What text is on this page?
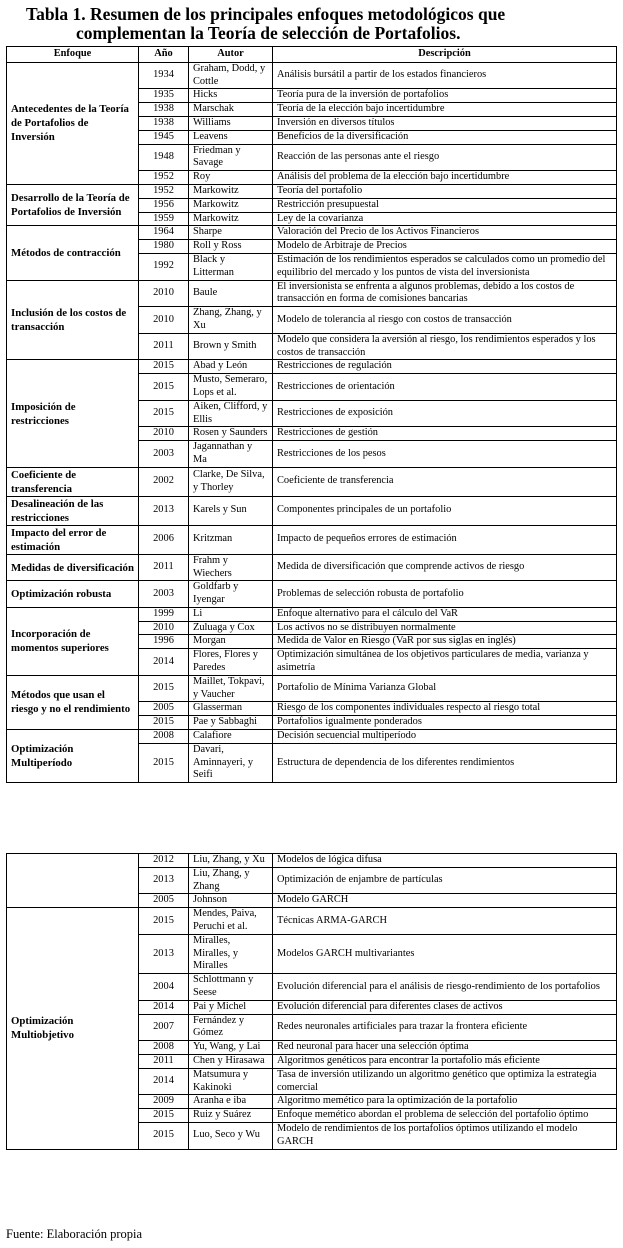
Tabla 1. Resumen de los principales enfoques metodológicos que
complementan la Teoría de selección de Portafolios.
Enfoque	Año	Autor	Descripción
Antecedentes de la Teoría de Portafolios de Inversión	1934	Graham, Dodd, y Cottle	Análisis bursátil a partir de los estados financieros
	1935	Hicks	Teoría pura de la inversión de portafolios
	1938	Marschak	Teoría de la elección bajo incertidumbre
	1938	Williams	Inversión en diversos títulos
	1945	Leavens	Beneficios de la diversificación
	1948	Friedman y Savage	Reacción de las personas ante el riesgo
	1952	Roy	Análisis del problema de la elección bajo incertidumbre
Desarrollo de la Teoría de Portafolios de Inversión	1952	Markowitz	Teoría del portafolio
	1956	Markowitz	Restricción presupuestal
	1959	Markowitz	Ley de la covarianza
Métodos de contracción	1964	Sharpe	Valoración del Precio de los Activos Financieros
	1980	Roll y Ross	Modelo de Arbitraje de Precios
	1992	Black y Litterman	Estimación de los rendimientos esperados se calculados como un promedio del equilibrio del mercado y los puntos de vista del inversionista
Inclusión de los costos de transacción	2010	Baule	El inversionista se enfrenta a algunos problemas, debido a los costos de transacción en forma de comisiones bancarias
	2010	Zhang, Zhang, y Xu	Modelo de tolerancia al riesgo con costos de transacción
	2011	Brown y Smith	Modelo que considera la aversión al riesgo, los rendimientos esperados y los costos de transacción
Imposición de restricciones	2015	Abad y León	Restricciones de regulación
	2015	Musto, Semeraro, Lops et al.	Restricciones de orientación
	2015	Aiken, Clifford, y Ellis	Restricciones de exposición
	2010	Rosen y Saunders	Restricciones de gestión
	2003	Jagannathan y Ma	Restricciones de los pesos
Coeficiente de transferencia	2002	Clarke, De Silva, y Thorley	Coeficiente de transferencia
Desalineación de las restricciones	2013	Karels y Sun	Componentes principales de un portafolio
Impacto del error de estimación	2006	Kritzman	Impacto de pequeños errores de estimación
Medidas de diversificación	2011	Frahm y Wiechers	Medida de diversificación que comprende activos de riesgo
Optimización robusta	2003	Goldfarb y Iyengar	Problemas de selección robusta de portafolio
Incorporación de momentos superiores	1999	Li	Enfoque alternativo para el cálculo del VaR
	2010	Zuluaga y Cox	Los activos no se distribuyen normalmente
	1996	Morgan	Medida de Valor en Riesgo (VaR por sus siglas en inglés)
	2014	Flores, Flores y Paredes	Optimización simultánea de los objetivos particulares de media, varianza y asimetría
Métodos que usan el riesgo y no el rendimiento	2015	Maillet, Tokpavi, y Vaucher	Portafolio de Mínima Varianza Global
	2005	Glasserman	Riesgo de los componentes individuales respecto al riesgo total
	2015	Pae y Sabbaghi	Portafolios igualmente ponderados
Optimización Multiperíodo	2008	Calafiore	Decisión secuencial multiperíodo
	2015	Davari, Aminnayeri, y Seifi	Estructura de dependencia de los diferentes rendimientos
	2012	Liu, Zhang, y Xu	Modelos de lógica difusa
	2013	Liu, Zhang, y Zhang	Optimización de enjambre de partículas
	2005	Johnson	Modelo GARCH
Optimización Multiobjetivo	2015	Mendes, Paiva, Peruchi et al.	Técnicas ARMA-GARCH
	2013	Miralles, Miralles, y Miralles	Modelos GARCH multivariantes
	2004	Schlottmann y Seese	Evolución diferencial para el análisis de riesgo-rendimiento de los portafolios
	2014	Pai y Michel	Evolución diferencial para diferentes clases de activos
	2007	Fernández y Gómez	Redes neuronales artificiales para trazar la frontera eficiente
	2008	Yu, Wang, y Lai	Red neuronal para hacer una selección óptima
	2011	Chen y Hirasawa	Algoritmos genéticos para encontrar la portafolio más eficiente
	2014	Matsumura y Kakinoki	Tasa de inversión utilizando un algoritmo genético que optimiza la estrategia comercial
	2009	Aranha e iba	Algoritmo memético para la optimización de la portafolio
	2015	Ruiz y Suárez	Enfoque memético abordan el problema de selección del portafolio óptimo
	2015	Luo, Seco y Wu	Modelo de rendimientos de los portafolios óptimos utilizando el modelo GARCH
Fuente: Elaboración propia
